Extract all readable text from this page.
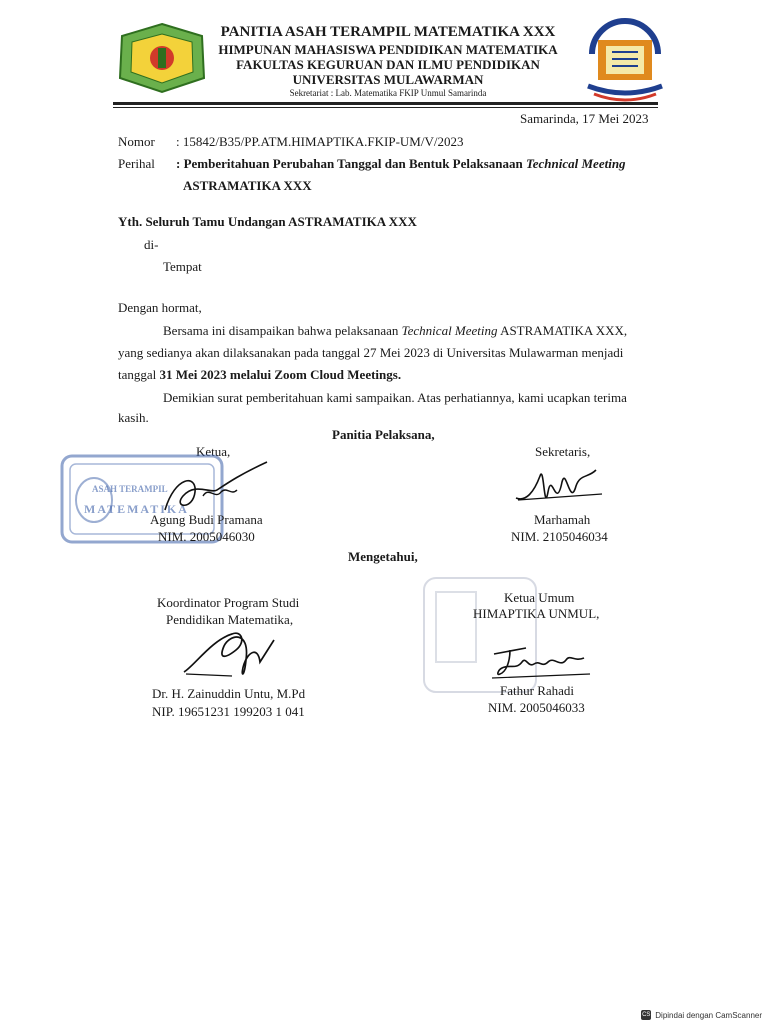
PANITIA ASAH TERAMPIL MATEMATIKA XXX
HIMPUNAN MAHASISWA PENDIDIKAN MATEMATIKA
FAKULTAS KEGURUAN DAN ILMU PENDIDIKAN
UNIVERSITAS MULAWARMAN
Sekretariat : Lab. Matematika FKIP Unmul Samarinda
Samarinda, 17 Mei 2023
Nomor : 15842/B35/PP.ATM.HIMAPTIKA.FKIP-UM/V/2023
Perihal : Pemberitahuan Perubahan Tanggal dan Bentuk Pelaksanaan Technical Meeting
ASTRAMATIKA XXX
Yth. Seluruh Tamu Undangan ASTRAMATIKA XXX
di-
Tempat
Dengan hormat,
Bersama ini disampaikan bahwa pelaksanaan Technical Meeting ASTRAMATIKA XXX,
yang sedianya akan dilaksanakan pada tanggal 27 Mei 2023 di Universitas Mulawarman menjadi
tanggal 31 Mei 2023 melalui Zoom Cloud Meetings.
Demikian surat pemberitahuan kami sampaikan. Atas perhatiannya, kami ucapkan terima
kasih.
Panitia Pelaksana,
Ketua,	Sekretaris,
ASAH TERAMPIL
MATEMATIKA
Agung Budi Pramana
NIM. 2005046030
Marhamah
NIM. 2105046034
Mengetahui,
Koordinator Program Studi
Pendidikan Matematika,
Ketua Umum
HIMAPTIKA UNMUL,
Dr. H. Zainuddin Untu, M.Pd
NIP. 19651231 199203 1 041
Fathur Rahadi
NIM. 2005046033
CS Dipindai dengan CamScanner
